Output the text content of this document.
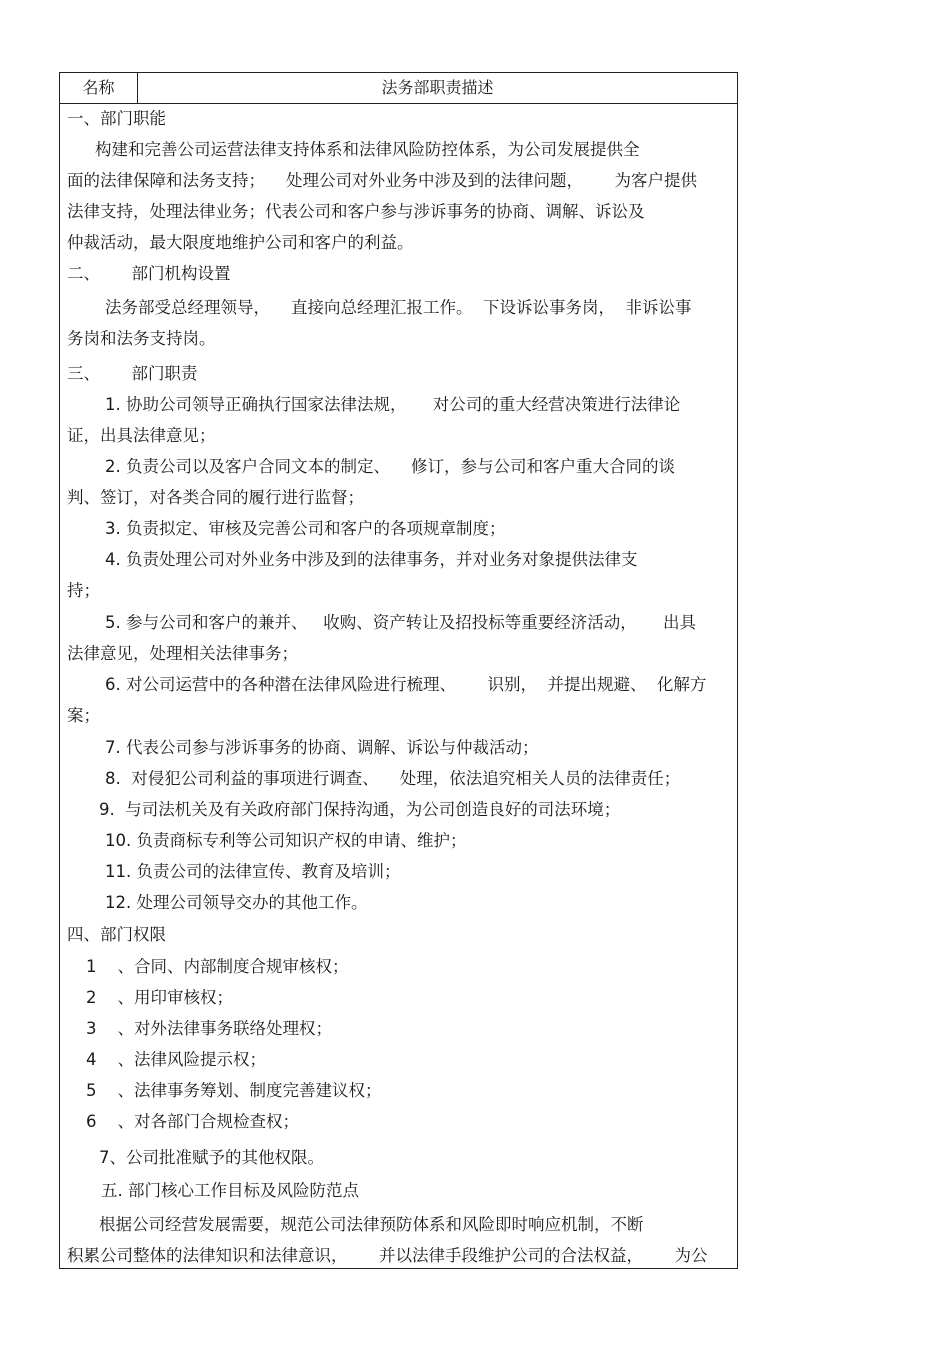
名称	法务部职责描述
一、部门职能
构建和完善公司运营法律支持体系和法律风险防控体系，为公司发展提供全
面的法律保障和法务支持；    处理公司对外业务中涉及到的法律问题，      为客户提供
法律支持，处理法律业务；代表公司和客户参与涉诉事务的协商、调解、诉讼及
仲裁活动，最大限度地维护公司和客户的利益。
二、      部门机构设置
法务部受总经理领导，    直接向总经理汇报工作。  下设诉讼事务岗，  非诉讼事
务岗和法务支持岗。
三、      部门职责
1. 协助公司领导正确执行国家法律法规，     对公司的重大经营决策进行法律论
证，出具法律意见；
2. 负责公司以及客户合同文本的制定、    修订，参与公司和客户重大合同的谈
判、签订，对各类合同的履行进行监督；
3. 负责拟定、审核及完善公司和客户的各项规章制度；
4. 负责处理公司对外业务中涉及到的法律事务，并对业务对象提供法律支
持；
5. 参与公司和客户的兼并、   收购、资产转让及招投标等重要经济活动，     出具
法律意见，处理相关法律事务；
6. 对公司运营中的各种潜在法律风险进行梳理、      识别，  并提出规避、  化解方
案；
7. 代表公司参与涉诉事务的协商、调解、诉讼与仲裁活动；
8.  对侵犯公司利益的事项进行调查、    处理，依法追究相关人员的法律责任；
9.  与司法机关及有关政府部门保持沟通，为公司创造良好的司法环境；
10. 负责商标专利等公司知识产权的申请、维护；
11. 负责公司的法律宣传、教育及培训；
12. 处理公司领导交办的其他工作。
四、部门权限
1    、合同、内部制度合规审核权；
2    、用印审核权；
3    、对外法律事务联络处理权；
4    、法律风险提示权；
5    、法律事务筹划、制度完善建议权；
6    、对各部门合规检查权；
7、公司批准赋予的其他权限。
五. 部门核心工作目标及风险防范点
根据公司经营发展需要，规范公司法律预防体系和风险即时响应机制，不断
积累公司整体的法律知识和法律意识，      并以法律手段维护公司的合法权益，      为公
